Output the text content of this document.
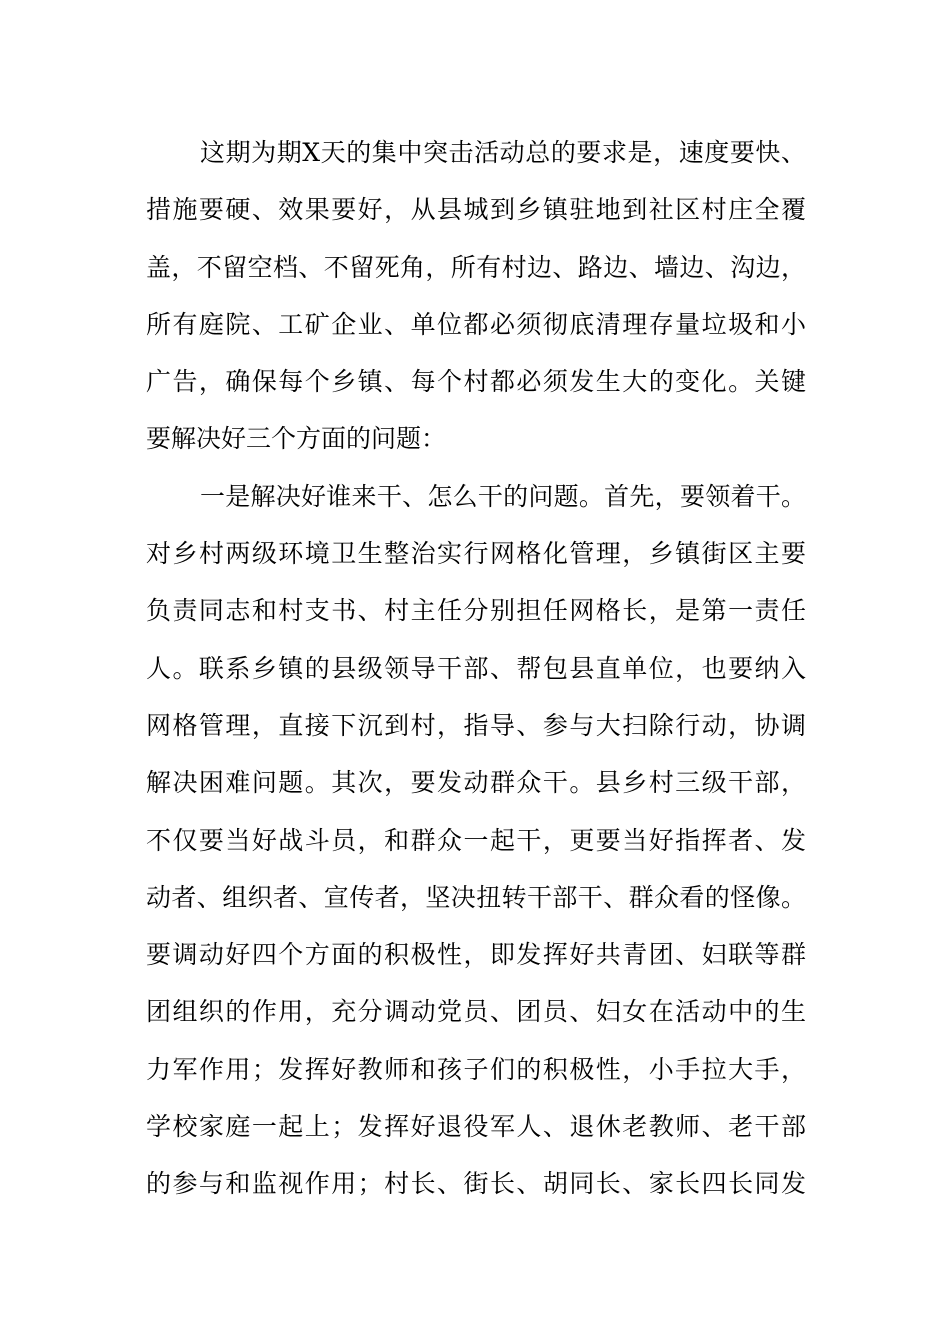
这期为期X天的集中突击活动总的要求是，速度要快、
措施要硬、效果要好，从县城到乡镇驻地到社区村庄全覆
盖，不留空档、不留死角，所有村边、路边、墙边、沟边，
所有庭院、工矿企业、单位都必须彻底清理存量垃圾和小
广告，确保每个乡镇、每个村都必须发生大的变化。关键
要解决好三个方面的问题：
一是解决好谁来干、怎么干的问题。首先，要领着干。
对乡村两级环境卫生整治实行网格化管理，乡镇街区主要
负责同志和村支书、村主任分别担任网格长，是第一责任
人。联系乡镇的县级领导干部、帮包县直单位，也要纳入
网格管理，直接下沉到村，指导、参与大扫除行动，协调
解决困难问题。其次，要发动群众干。县乡村三级干部，
不仅要当好战斗员，和群众一起干，更要当好指挥者、发
动者、组织者、宣传者，坚决扭转干部干、群众看的怪像。
要调动好四个方面的积极性，即发挥好共青团、妇联等群
团组织的作用，充分调动党员、团员、妇女在活动中的生
力军作用；发挥好教师和孩子们的积极性，小手拉大手，
学校家庭一起上；发挥好退役军人、退休老教师、老干部
的参与和监视作用；村长、街长、胡同长、家长四长同发
